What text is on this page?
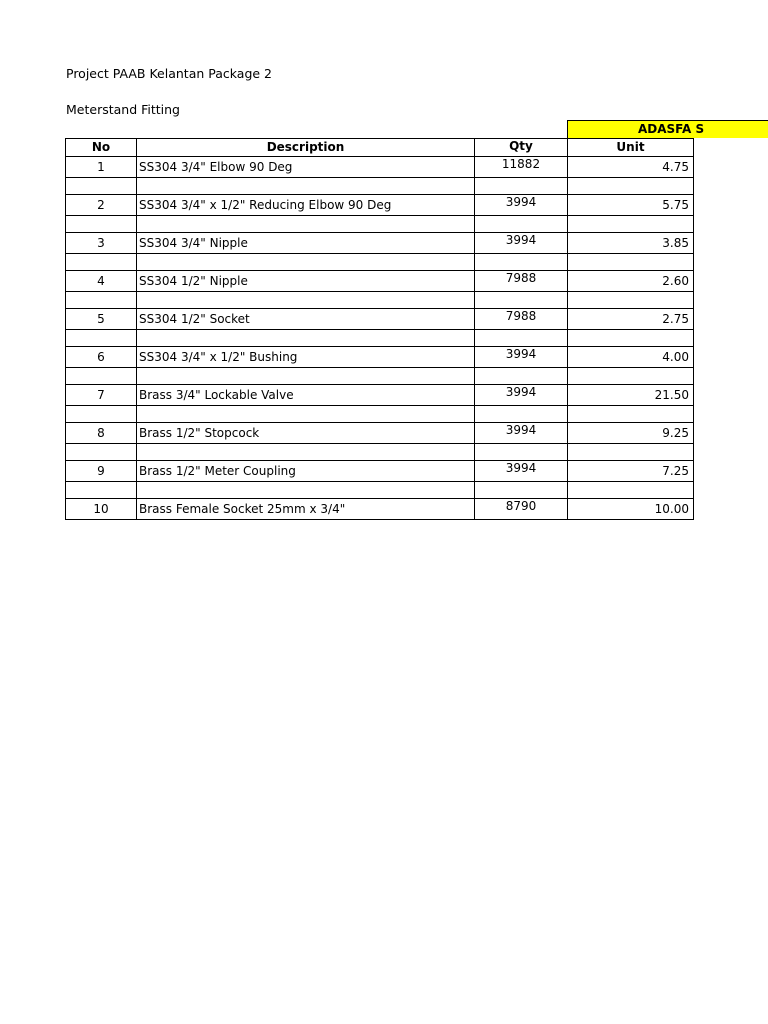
Project PAAB Kelantan Package 2
Meterstand Fitting
ADASFA S
No	Description	Qty	Unit
1	SS304 3/4" Elbow 90 Deg	11882	4.75

2	SS304 3/4" x 1/2" Reducing Elbow 90 Deg	3994	5.75

3	SS304 3/4" Nipple	3994	3.85

4	SS304 1/2" Nipple	7988	2.60

5	SS304 1/2" Socket	7988	2.75

6	SS304 3/4" x 1/2" Bushing	3994	4.00

7	Brass 3/4" Lockable Valve	3994	21.50

8	Brass 1/2" Stopcock	3994	9.25

9	Brass 1/2" Meter Coupling	3994	7.25

10	Brass Female Socket 25mm x 3/4"	8790	10.00
